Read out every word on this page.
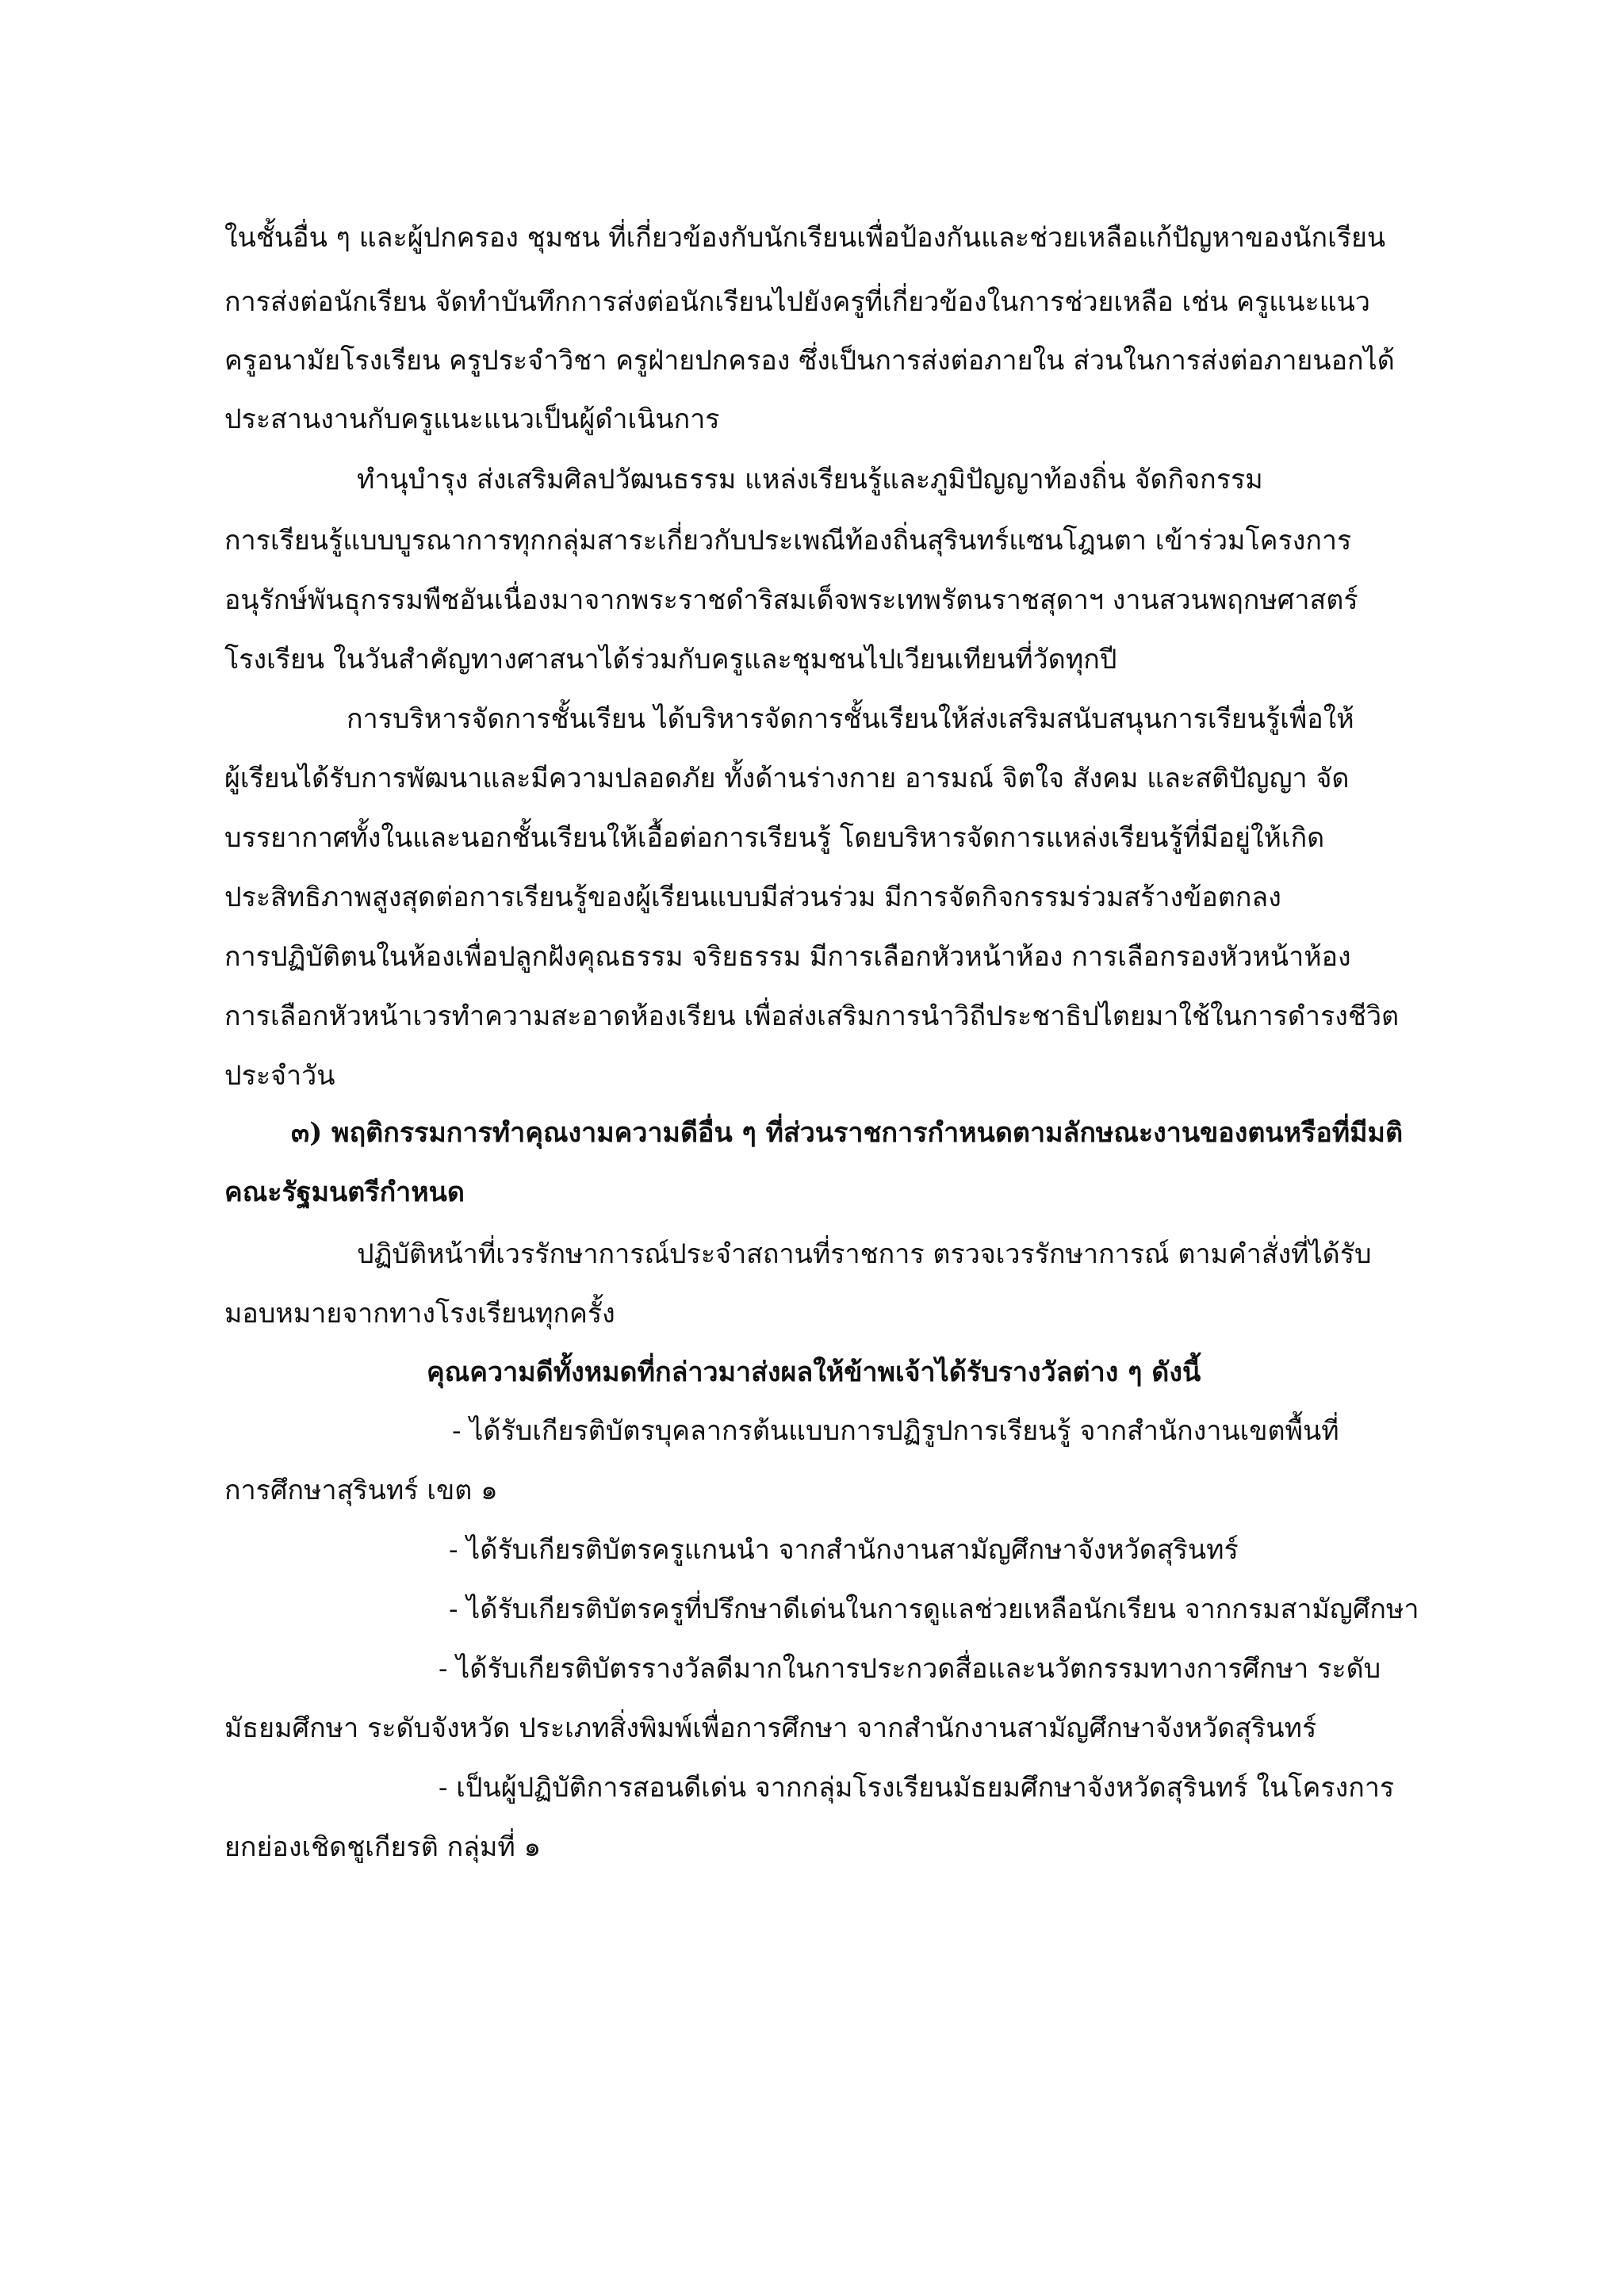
ในชั้นอื่น ๆ และผู้ปกครอง ชุมชน ที่เกี่ยวข้องกับนักเรียนเพื่อป้องกันและช่วยเหลือแก้ปัญหาของนักเรียน
การส่งต่อนักเรียน จัดทำบันทึกการส่งต่อนักเรียนไปยังครูที่เกี่ยวข้องในการช่วยเหลือ เช่น ครูแนะแนว
ครูอนามัยโรงเรียน ครูประจำวิชา ครูฝ่ายปกครอง ซึ่งเป็นการส่งต่อภายใน ส่วนในการส่งต่อภายนอกได้
ประสานงานกับครูแนะแนวเป็นผู้ดำเนินการ
ทำนุบำรุง ส่งเสริมศิลปวัฒนธรรม แหล่งเรียนรู้และภูมิปัญญาท้องถิ่น จัดกิจกรรม
การเรียนรู้แบบบูรณาการทุกกลุ่มสาระเกี่ยวกับประเพณีท้องถิ่นสุรินทร์แซนโฎนตา เข้าร่วมโครงการ
อนุรักษ์พันธุกรรมพืชอันเนื่องมาจากพระราชดำริสมเด็จพระเทพรัตนราชสุดาฯ งานสวนพฤกษศาสตร์
โรงเรียน ในวันสำคัญทางศาสนาได้ร่วมกับครูและชุมชนไปเวียนเทียนที่วัดทุกปี
การบริหารจัดการชั้นเรียน ได้บริหารจัดการชั้นเรียนให้ส่งเสริมสนับสนุนการเรียนรู้เพื่อให้
ผู้เรียนได้รับการพัฒนาและมีความปลอดภัย ทั้งด้านร่างกาย อารมณ์ จิตใจ สังคม และสติปัญญา จัด
บรรยากาศทั้งในและนอกชั้นเรียนให้เอื้อต่อการเรียนรู้ โดยบริหารจัดการแหล่งเรียนรู้ที่มีอยู่ให้เกิด
ประสิทธิภาพสูงสุดต่อการเรียนรู้ของผู้เรียนแบบมีส่วนร่วม มีการจัดกิจกรรมร่วมสร้างข้อตกลง
การปฏิบัติตนในห้องเพื่อปลูกฝังคุณธรรม จริยธรรม มีการเลือกหัวหน้าห้อง การเลือกรองหัวหน้าห้อง
การเลือกหัวหน้าเวรทำความสะอาดห้องเรียน เพื่อส่งเสริมการนำวิถีประชาธิปไตยมาใช้ในการดำรงชีวิต
ประจำวัน
๓) พฤติกรรมการทำคุณงามความดีอื่น ๆ ที่ส่วนราชการกำหนดตามลักษณะงานของตนหรือที่มีมติ
คณะรัฐมนตรีกำหนด
ปฏิบัติหน้าที่เวรรักษาการณ์ประจำสถานที่ราชการ ตรวจเวรรักษาการณ์ ตามคำสั่งที่ได้รับ
มอบหมายจากทางโรงเรียนทุกครั้ง
คุณความดีทั้งหมดที่กล่าวมาส่งผลให้ข้าพเจ้าได้รับรางวัลต่าง ๆ ดังนี้
- ได้รับเกียรติบัตรบุคลากรต้นแบบการปฏิรูปการเรียนรู้ จากสำนักงานเขตพื้นที่
การศึกษาสุรินทร์ เขต ๑
- ได้รับเกียรติบัตรครูแกนนำ จากสำนักงานสามัญศึกษาจังหวัดสุรินทร์
- ได้รับเกียรติบัตรครูที่ปรึกษาดีเด่นในการดูแลช่วยเหลือนักเรียน จากกรมสามัญศึกษา
- ได้รับเกียรติบัตรรางวัลดีมากในการประกวดสื่อและนวัตกรรมทางการศึกษา ระดับ
มัธยมศึกษา ระดับจังหวัด ประเภทสิ่งพิมพ์เพื่อการศึกษา จากสำนักงานสามัญศึกษาจังหวัดสุรินทร์
- เป็นผู้ปฏิบัติการสอนดีเด่น จากกลุ่มโรงเรียนมัธยมศึกษาจังหวัดสุรินทร์ ในโครงการ
ยกย่องเชิดชูเกียรติ กลุ่มที่ ๑
